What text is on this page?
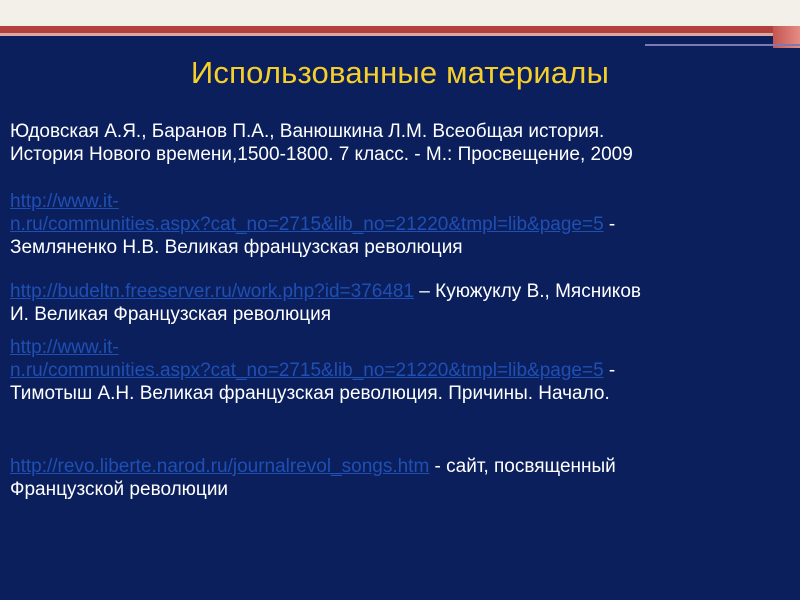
Использованные материалы
Юдовская А.Я., Баранов П.А., Ванюшкина Л.М. Всеобщая история.
История Нового времени,1500-1800. 7 класс. - М.: Просвещение, 2009
http://www.it-
n.ru/communities.aspx?cat_no=2715&lib_no=21220&tmpl=lib&page=5 -
Земляненко Н.В. Великая французская революция
http://budeltn.freeserver.ru/work.php?id=376481 – Куюжуклу В., Мясников
И. Великая Французская революция
http://www.it-
n.ru/communities.aspx?cat_no=2715&lib_no=21220&tmpl=lib&page=5 -
Тимотыш А.Н. Великая французская революция. Причины. Начало.
http://revo.liberte.narod.ru/journalrevol_songs.htm - сайт, посвященный
Французской революции
